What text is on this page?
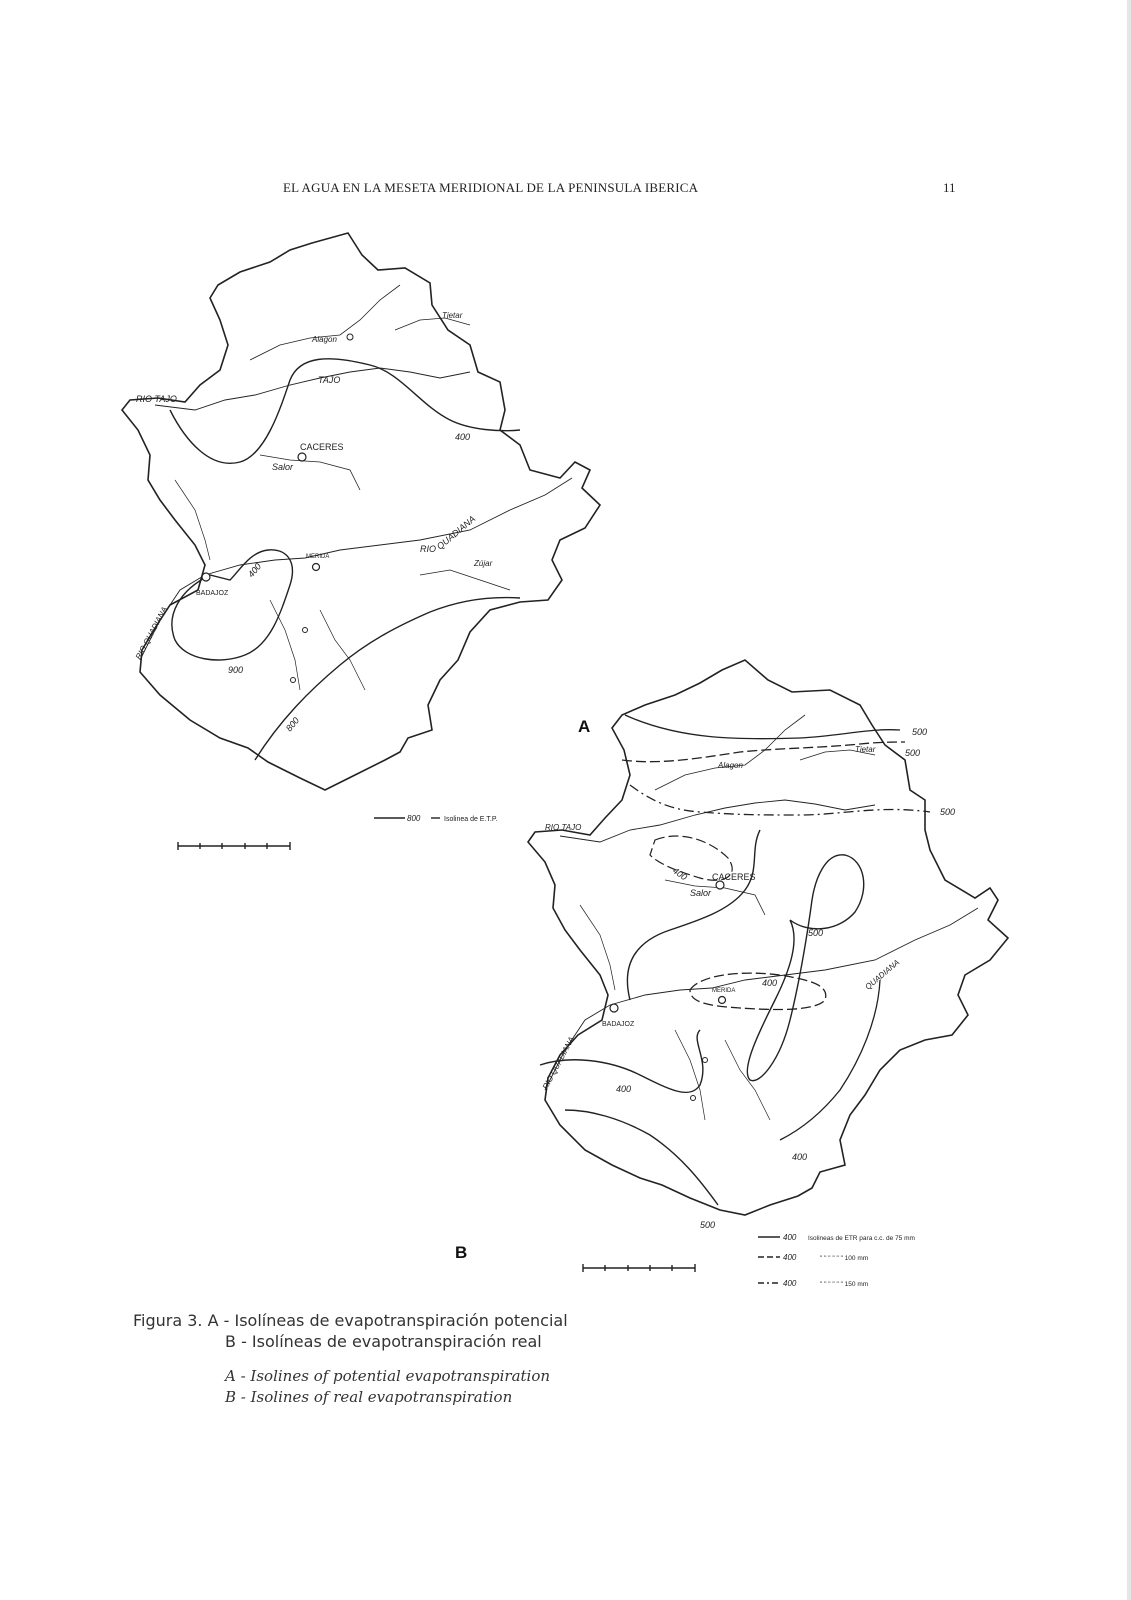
EL AGUA EN LA MESETA MERIDIONAL DE LA PENINSULA IBERICA	11
CACERES
BADAJOZ
MERIDA
RIO TAJO
TAJO
RIO
QUADIANA
RIO QUADIANA
Salor
Alagon
Tietar
Zújar
400
400
900
800
800	Isolinea de E.T.P.
A
CACERES
BADAJOZ
MERIDA
RIO TAJO
QUADIANA
RIO QUADIANA
Salor
Alagon
Tietar
500
500
500
400
500
400
400
400
500
400 Isolineas de ETR para c.c. de 75 mm
400	" " " " " " 100 mm
400	" " " " " " 150 mm
B
Figura 3. A - Isolíneas de evapotranspiración potencial
B - Isolíneas de evapotranspiración real
A - Isolines of potential evapotranspiration
B - Isolines of real evapotranspiration
